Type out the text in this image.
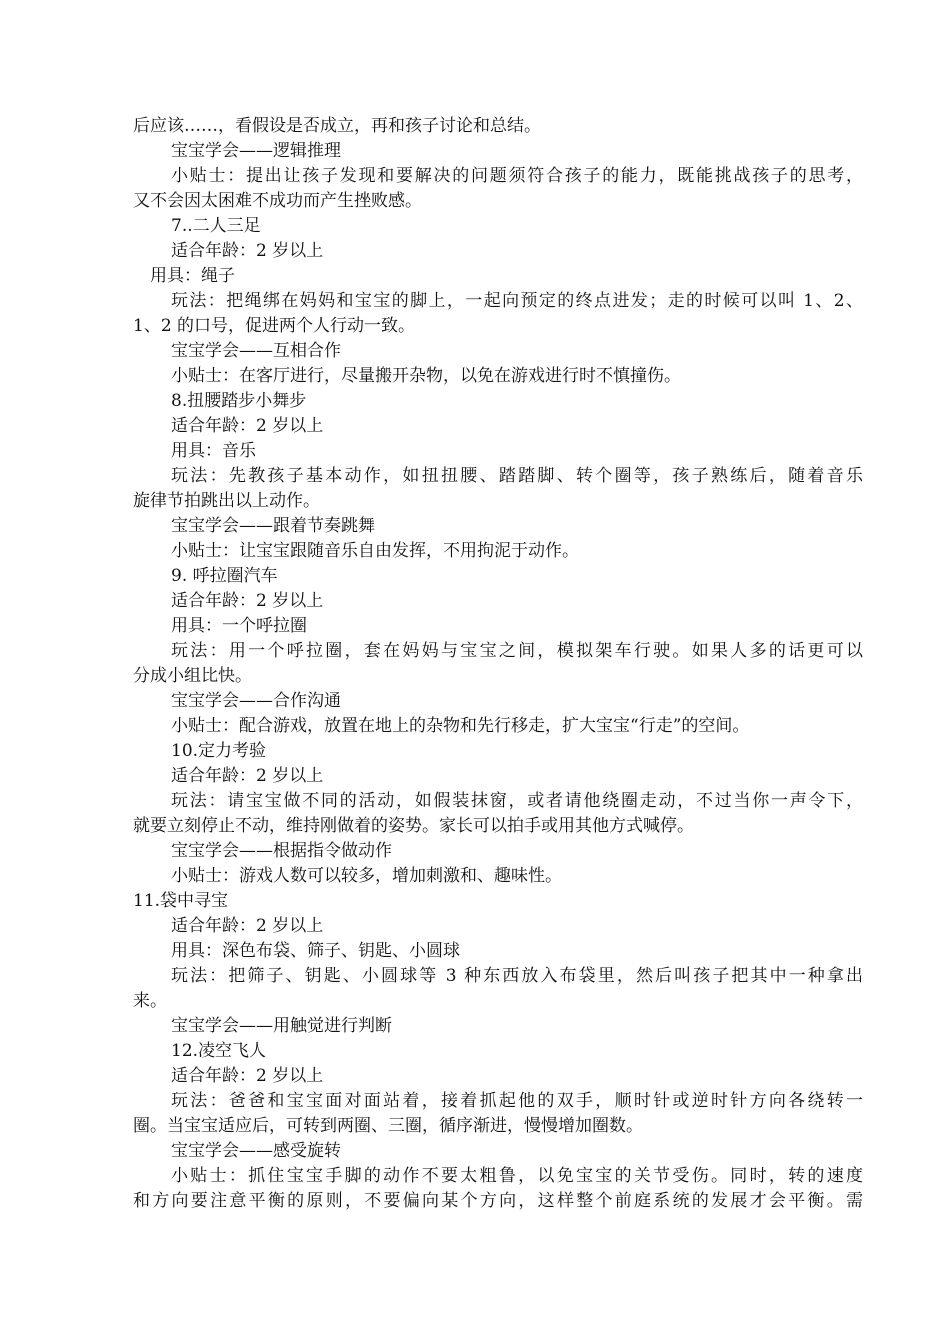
后应该……，看假设是否成立，再和孩子讨论和总结。
宝宝学会——逻辑推理
小贴士：提出让孩子发现和要解决的问题须符合孩子的能力，既能挑战孩子的思考，
又不会因太困难不成功而产生挫败感。
7..二人三足
适合年龄：2 岁以上
用具：绳子
玩法：把绳绑在妈妈和宝宝的脚上，一起向预定的终点进发；走的时候可以叫 1、2、
1、2 的口号，促进两个人行动一致。
宝宝学会——互相合作
小贴士：在客厅进行，尽量搬开杂物，以免在游戏进行时不慎撞伤。
8.扭腰踏步小舞步
适合年龄：2 岁以上
用具：音乐
玩法：先教孩子基本动作，如扭扭腰、踏踏脚、转个圈等，孩子熟练后，随着音乐
旋律节拍跳出以上动作。
宝宝学会——跟着节奏跳舞
小贴士：让宝宝跟随音乐自由发挥，不用拘泥于动作。
9. 呼拉圈汽车
适合年龄：2 岁以上
用具：一个呼拉圈
玩法：用一个呼拉圈，套在妈妈与宝宝之间，模拟架车行驶。如果人多的话更可以
分成小组比快。
宝宝学会——合作沟通
小贴士：配合游戏，放置在地上的杂物和先行移走，扩大宝宝“行走”的空间。
10.定力考验
适合年龄：2 岁以上
玩法：请宝宝做不同的活动，如假装抹窗，或者请他绕圈走动，不过当你一声令下，
就要立刻停止不动，维持刚做着的姿势。家长可以拍手或用其他方式喊停。
宝宝学会——根据指令做动作
小贴士：游戏人数可以较多，增加刺激和、趣味性。
11.袋中寻宝
适合年龄：2 岁以上
用具：深色布袋、筛子、钥匙、小圆球
玩法：把筛子、钥匙、小圆球等 3 种东西放入布袋里，然后叫孩子把其中一种拿出
来。
宝宝学会——用触觉进行判断
12.凌空飞人
适合年龄：2 岁以上
玩法：爸爸和宝宝面对面站着，接着抓起他的双手，顺时针或逆时针方向各绕转一
圈。当宝宝适应后，可转到两圈、三圈，循序渐进，慢慢增加圈数。
宝宝学会——感受旋转
小贴士：抓住宝宝手脚的动作不要太粗鲁，以免宝宝的关节受伤。同时，转的速度
和方向要注意平衡的原则，不要偏向某个方向，这样整个前庭系统的发展才会平衡。需
